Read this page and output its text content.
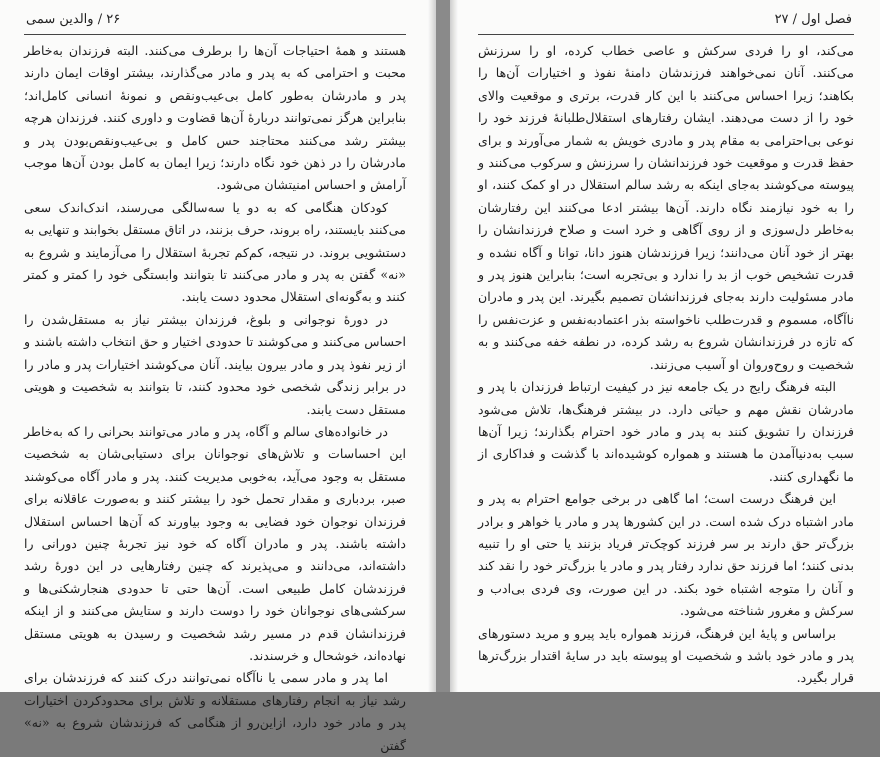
۲۶ / والدین سمی

هستند و همهٔ احتیاجات آن‌ها را برطرف می‌کنند. البته فرزندان به‌خاطر محبت و احترامی که به پدر و مادر می‌گذارند، بیشتر اوقات ایمان دارند پدر و مادرشان به‌طور کامل بی‌عیب‌ونقص و نمونهٔ انسانی کامل‌اند؛ بنابراین هرگز نمی‌توانند دربارهٔ آن‌ها قضاوت و داوری کنند. فرزندان هرچه بیشتر رشد می‌کنند محتاجند حس کامل و بی‌عیب‌ونقص‌بودن پدر و مادرشان را در ذهن خود نگاه دارند؛ زیرا ایمان به کامل بودن آن‌ها موجب آرامش و احساس امنیتشان می‌شود.

کودکان هنگامی که به دو یا سه‌سالگی می‌رسند، اندک‌اندک سعی می‌کنند بایستند، راه بروند، حرف بزنند، در اتاق مستقل بخوابند و تنهایی به دستشویی بروند. در نتیجه، کم‌کم تجربهٔ استقلال را می‌آزمایند و شروع به «نه» گفتن به پدر و مادر می‌کنند تا بتوانند وابستگی خود را کمتر و کمتر کنند و به‌گونه‌ای استقلال محدود دست یابند.

در دورهٔ نوجوانی و بلوغ، فرزندان بیشتر نیاز به مستقل‌شدن را احساس می‌کنند و می‌کوشند تا حدودی اختیار و حق انتخاب داشته باشند و از زیر نفوذ پدر و مادر بیرون بیایند. آنان می‌کوشند اختیارات پدر و مادر را در برابر زندگی شخصی خود محدود کنند، تا بتوانند به شخصیت و هویتی مستقل دست یابند.

در خانواده‌های سالم و آگاه، پدر و مادر می‌توانند بحرانی را که به‌خاطر این احساسات و تلاش‌های نوجوانان برای دستیابی‌شان به شخصیت مستقل به وجود می‌آید، به‌خوبی مدیریت کنند. پدر و مادر آگاه می‌کوشند صبر، بردباری و مقدار تحمل خود را بیشتر کنند و به‌صورت عاقلانه برای فرزندان نوجوان خود فضایی به وجود بیاورند که آن‌ها احساس استقلال داشته باشند. پدر و مادران آگاه که خود نیز تجربهٔ چنین دورانی را داشته‌اند، می‌دانند و می‌پذیرند که چنین رفتارهایی در این دورهٔ رشد فرزندشان کامل طبیعی است. آن‌ها حتی تا حدودی هنجارشکنی‌ها و سرکشی‌های نوجوانان خود را دوست دارند و ستایش می‌کنند و از اینکه فرزندانشان قدم در مسیر رشد شخصیت و رسیدن به هویتی مستقل نهاده‌اند، خوشحال و خرسندند.

اما پدر و مادر سمی یا ناآگاه نمی‌توانند درک کنند که فرزندشان برای رشد نیاز به انجام رفتارهای مستقلانه و تلاش برای محدودکردن اختیارات پدر و مادر خود دارد، ازاین‌رو از هنگامی که فرزندشان شروع به «نه» گفتن

فصل اول / ۲۷

می‌کند، او را فردی سرکش و عاصی خطاب کرده، او را سرزنش می‌کنند. آنان نمی‌خواهند فرزندشان دامنهٔ نفوذ و اختیارات آن‌ها را بکاهند؛ زیرا احساس می‌کنند با این کار قدرت، برتری و موقعیت والای خود را از دست می‌دهند. ایشان رفتارهای استقلال‌طلبانهٔ فرزند خود را نوعی بی‌احترامی به مقام پدر و مادری خویش به شمار می‌آورند و برای حفظ قدرت و موقعیت خود فرزندانشان را سرزنش و سرکوب می‌کنند و پیوسته می‌کوشند به‌جای اینکه به رشد سالم استقلال در او کمک کنند، او را به خود نیازمند نگاه دارند. آن‌ها بیشتر ادعا می‌کنند این رفتارشان به‌خاطر دل‌سوزی و از روی آگاهی و خرد است و صلاح فرزندانشان را بهتر از خود آنان می‌دانند؛ زیرا فرزندشان هنوز دانا، توانا و آگاه نشده و قدرت تشخیص خوب از بد را ندارد و بی‌تجربه است؛ بنابراین هنوز پدر و مادر مسئولیت دارند به‌جای فرزندانشان تصمیم بگیرند. این پدر و مادران ناآگاه، مسموم و قدرت‌طلب ناخواسته بذر اعتمادبه‌نفس و عزت‌نفس را که تازه در فرزندانشان شروع به رشد کرده، در نطفه خفه می‌کنند و به شخصیت و روح‌وروان او آسیب می‌زنند.

البته فرهنگ رایج در یک جامعه نیز در کیفیت ارتباط فرزندان با پدر و مادرشان نقش مهم و حیاتی دارد. در بیشتر فرهنگ‌ها، تلاش می‌شود فرزندان را تشویق کنند به پدر و مادر خود احترام بگذارند؛ زیرا آن‌ها سبب به‌دنیاآمدن ما هستند و همواره کوشیده‌اند با گذشت و فداکاری از ما نگهداری کنند.

این فرهنگ درست است؛ اما گاهی در برخی جوامع احترام به پدر و مادر اشتباه درک شده است. در این کشورها پدر و مادر یا خواهر و برادر بزرگ‌تر حق دارند بر سر فرزند کوچک‌تر فریاد بزنند یا حتی او را تنبیه بدنی کنند؛ اما فرزند حق ندارد رفتار پدر و مادر یا بزرگ‌تر خود را نقد کند و آنان را متوجه اشتباه خود بکند. در این صورت، وی فردی بی‌ادب و سرکش و مغرور شناخته می‌شود.

براساس و پایهٔ این فرهنگ، فرزند همواره باید پیرو و مرید دستورهای پدر و مادر خود باشد و شخصیت او پیوسته باید در سایهٔ اقتدار بزرگ‌ترها قرار بگیرد.
